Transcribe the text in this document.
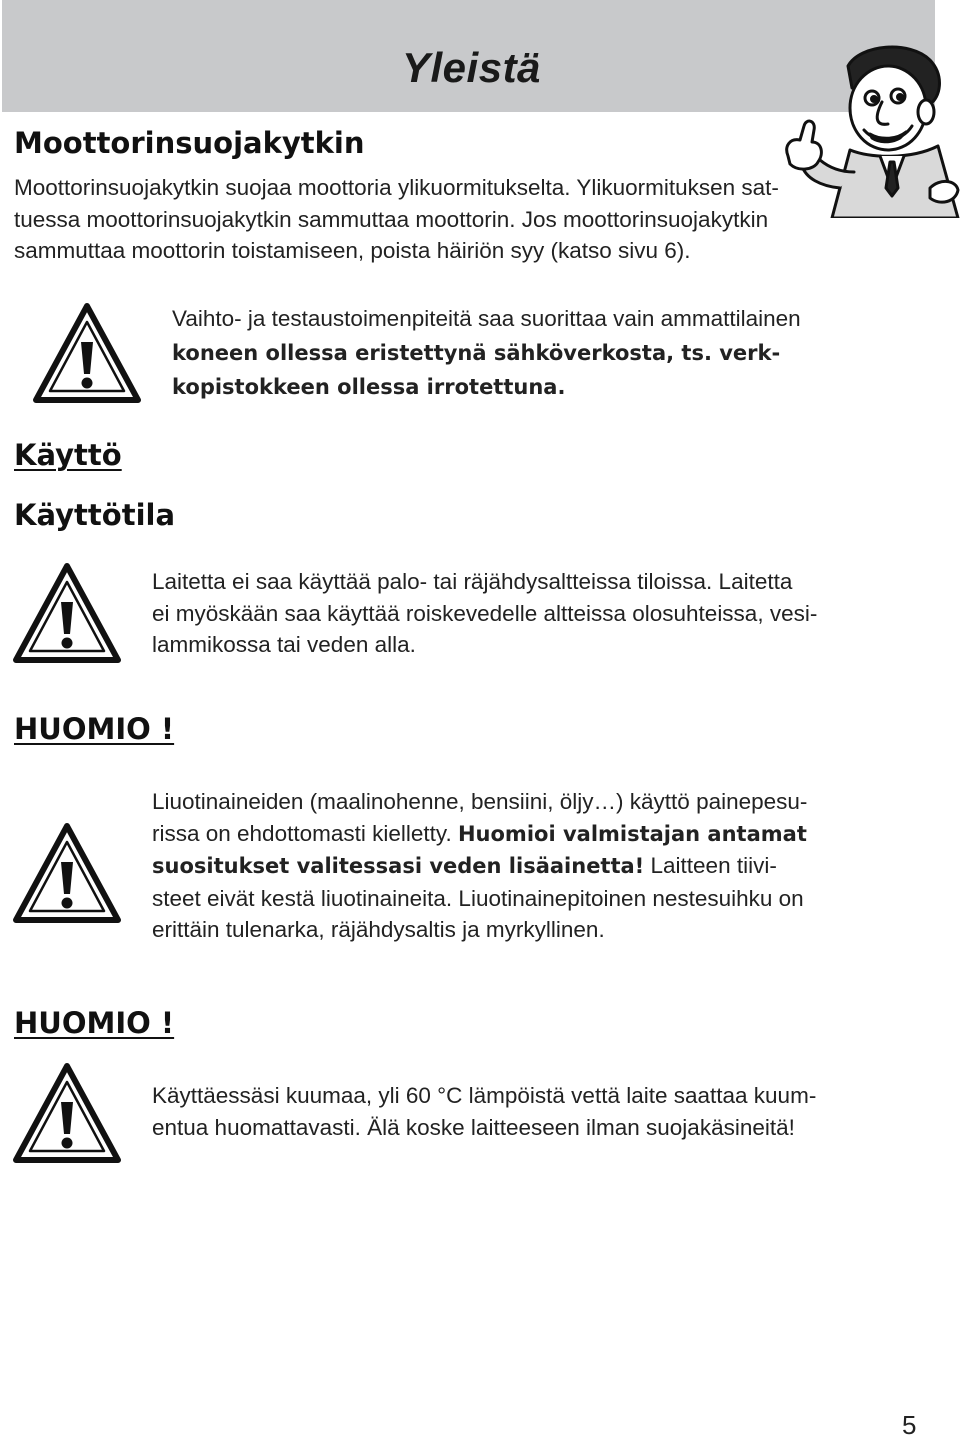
Yleistä
Moottorinsuojakytkin

Moottorinsuojakytkin suojaa moottoria ylikuormitukselta. Ylikuormituksen sat-
tuessa moottorinsuojakytkin sammuttaa moottorin. Jos moottorinsuojakytkin
sammuttaa moottorin toistamiseen, poista häiriön syy (katso sivu 6).

Vaihto- ja testaustoimenpiteitä saa suorittaa vain ammattilainen
koneen ollessa eristettynä sähköverkosta, ts. verk-
kopistokkeen ollessa irrotettuna.

Käyttö
Käyttötila

Laitetta ei saa käyttää palo- tai räjähdysaltteissa tiloissa. Laitetta
ei myöskään saa käyttää roiskevedelle altteissa olosuhteissa, vesi-
lammikossa tai veden alla.

HUOMIO !

Liuotinaineiden (maalinohenne, bensiini, öljy…) käyttö painepesu-
rissa on ehdottomasti kielletty. Huomioi valmistajan antamat
suositukset valitessasi veden lisäainetta! Laitteen tiivi-
steet eivät kestä liuotinaineita. Liuotinainepitoinen nestesuihku on
erittäin tulenarka, räjähdysaltis ja myrkyllinen.

HUOMIO !

Käyttäessäsi kuumaa, yli 60 °C lämpöistä vettä laite saattaa kuum-
entua huomattavasti. Älä koske laitteeseen ilman suojakäsineitä!

5
